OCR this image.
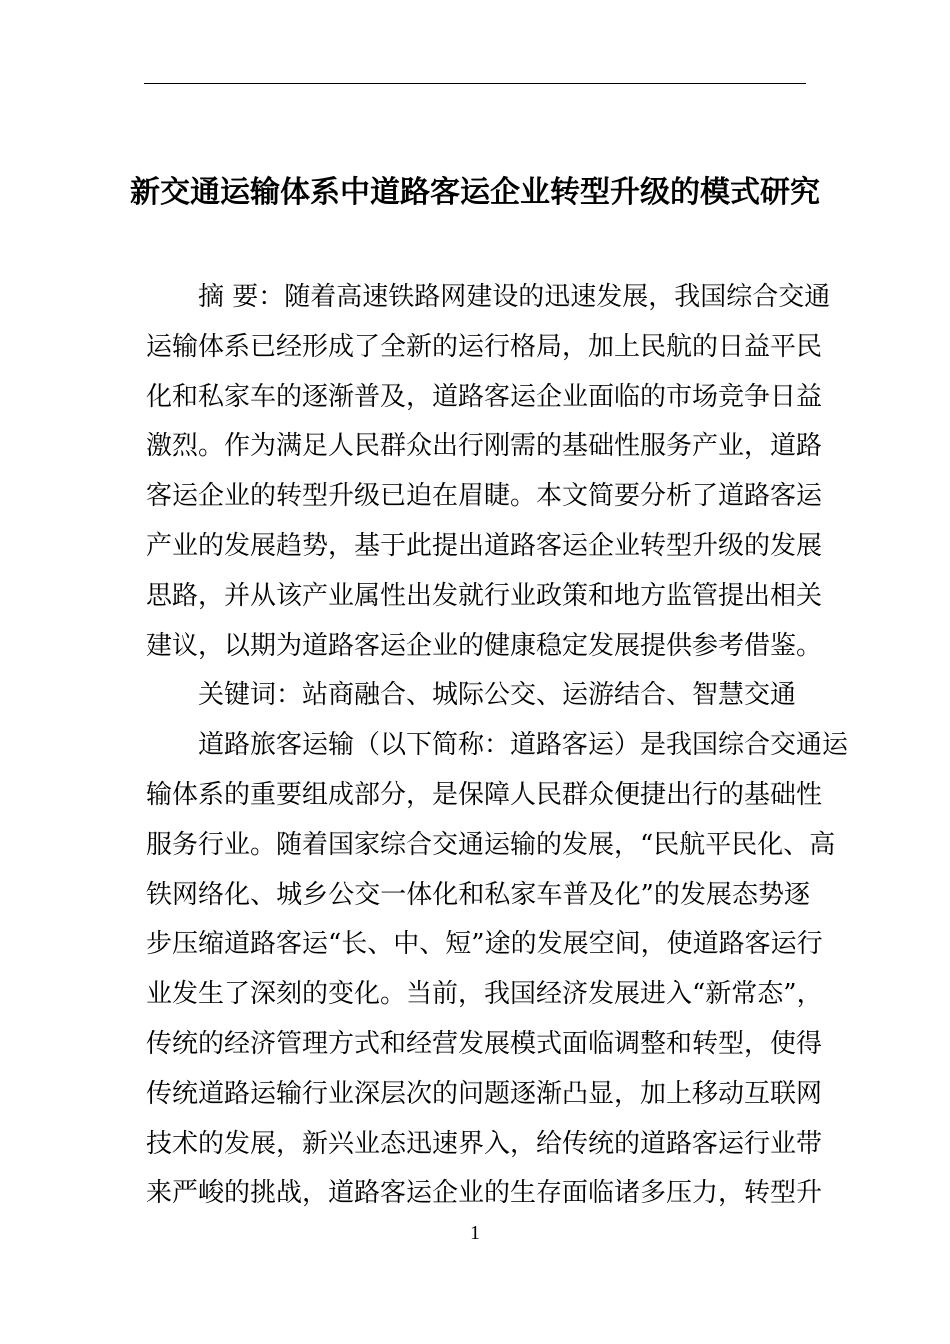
新交通运输体系中道路客运企业转型升级的模式研究
摘 要：随着高速铁路网建设的迅速发展，我国综合交通
运输体系已经形成了全新的运行格局，加上民航的日益平民
化和私家车的逐渐普及，道路客运企业面临的市场竞争日益
激烈。作为满足人民群众出行刚需的基础性服务产业，道路
客运企业的转型升级已迫在眉睫。本文简要分析了道路客运
产业的发展趋势，基于此提出道路客运企业转型升级的发展
思路，并从该产业属性出发就行业政策和地方监管提出相关
建议，以期为道路客运企业的健康稳定发展提供参考借鉴。
关键词：站商融合、城际公交、运游结合、智慧交通
道路旅客运输（以下简称：道路客运）是我国综合交通运
输体系的重要组成部分，是保障人民群众便捷出行的基础性
服务行业。随着国家综合交通运输的发展，“民航平民化、高
铁网络化、城乡公交一体化和私家车普及化”的发展态势逐
步压缩道路客运“长、中、短”途的发展空间，使道路客运行
业发生了深刻的变化。当前，我国经济发展进入“新常态”，
传统的经济管理方式和经营发展模式面临调整和转型，使得
传统道路运输行业深层次的问题逐渐凸显，加上移动互联网
技术的发展，新兴业态迅速界入，给传统的道路客运行业带
来严峻的挑战，道路客运企业的生存面临诸多压力，转型升
1
